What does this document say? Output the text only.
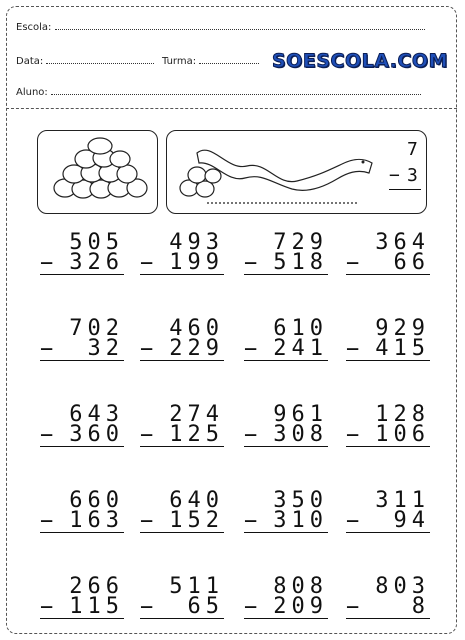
Escola:
Data:	Turma:
Aluno:
SOESCOLA.COM
7
− 3
505
− 326
493
− 199
729
− 518
364
− 66
702
− 32
460
− 229
610
− 241
929
− 415
643
− 360
274
− 125
961
− 308
128
− 106
660
− 163
640
− 152
350
− 310
311
− 94
266
− 115
511
− 65
808
− 209
803
− 8
